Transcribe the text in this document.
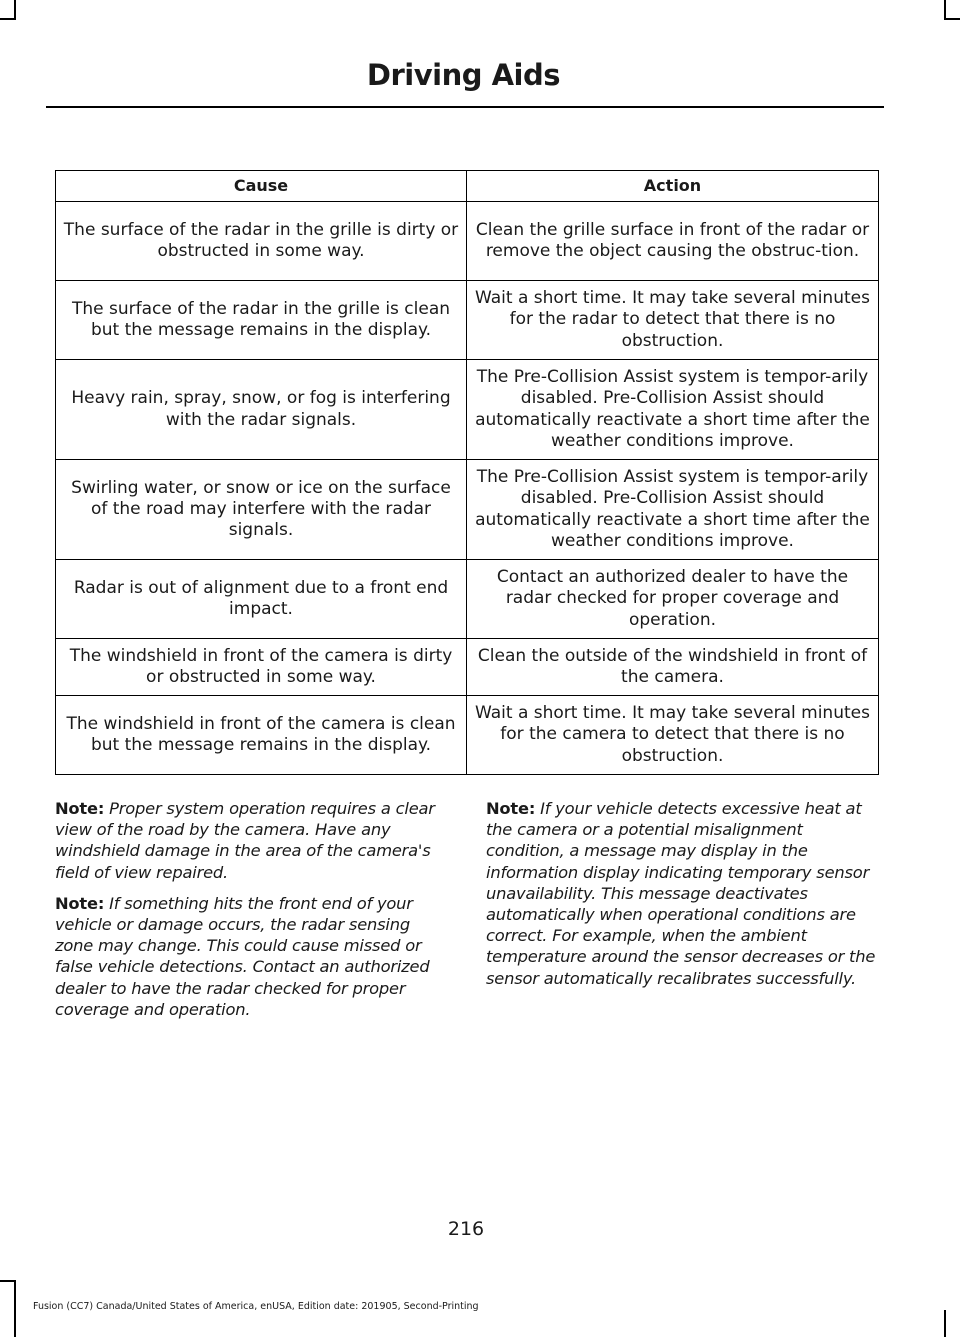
Driving Aids
Cause	Action
The surface of the radar in the grille is dirty or obstructed in some way.	Clean the grille surface in front of the radar or remove the object causing the obstruc-tion.
The surface of the radar in the grille is clean but the message remains in the display.	Wait a short time. It may take several minutes for the radar to detect that there is no obstruction.
Heavy rain, spray, snow, or fog is interfering with the radar signals.	The Pre-Collision Assist system is tempor-arily disabled. Pre-Collision Assist should automatically reactivate a short time after the weather conditions improve.
Swirling water, or snow or ice on the surface of the road may interfere with the radar signals.	The Pre-Collision Assist system is tempor-arily disabled. Pre-Collision Assist should automatically reactivate a short time after the weather conditions improve.
Radar is out of alignment due to a front end impact.	Contact an authorized dealer to have the radar checked for proper coverage and operation.
The windshield in front of the camera is dirty or obstructed in some way.	Clean the outside of the windshield in front of the camera.
The windshield in front of the camera is clean but the message remains in the display.	Wait a short time. It may take several minutes for the camera to detect that there is no obstruction.

Note: Proper system operation requires a clear view of the road by the camera. Have any windshield damage in the area of the camera's field of view repaired.

Note: If something hits the front end of your vehicle or damage occurs, the radar sensing zone may change. This could cause missed or false vehicle detections. Contact an authorized dealer to have the radar checked for proper coverage and operation.

Note: If your vehicle detects excessive heat at the camera or a potential misalignment condition, a message may display in the information display indicating temporary sensor unavailability. This message deactivates automatically when operational conditions are correct. For example, when the ambient temperature around the sensor decreases or the sensor automatically recalibrates successfully.

216
Fusion (CC7) Canada/United States of America, enUSA, Edition date: 201905, Second-Printing
